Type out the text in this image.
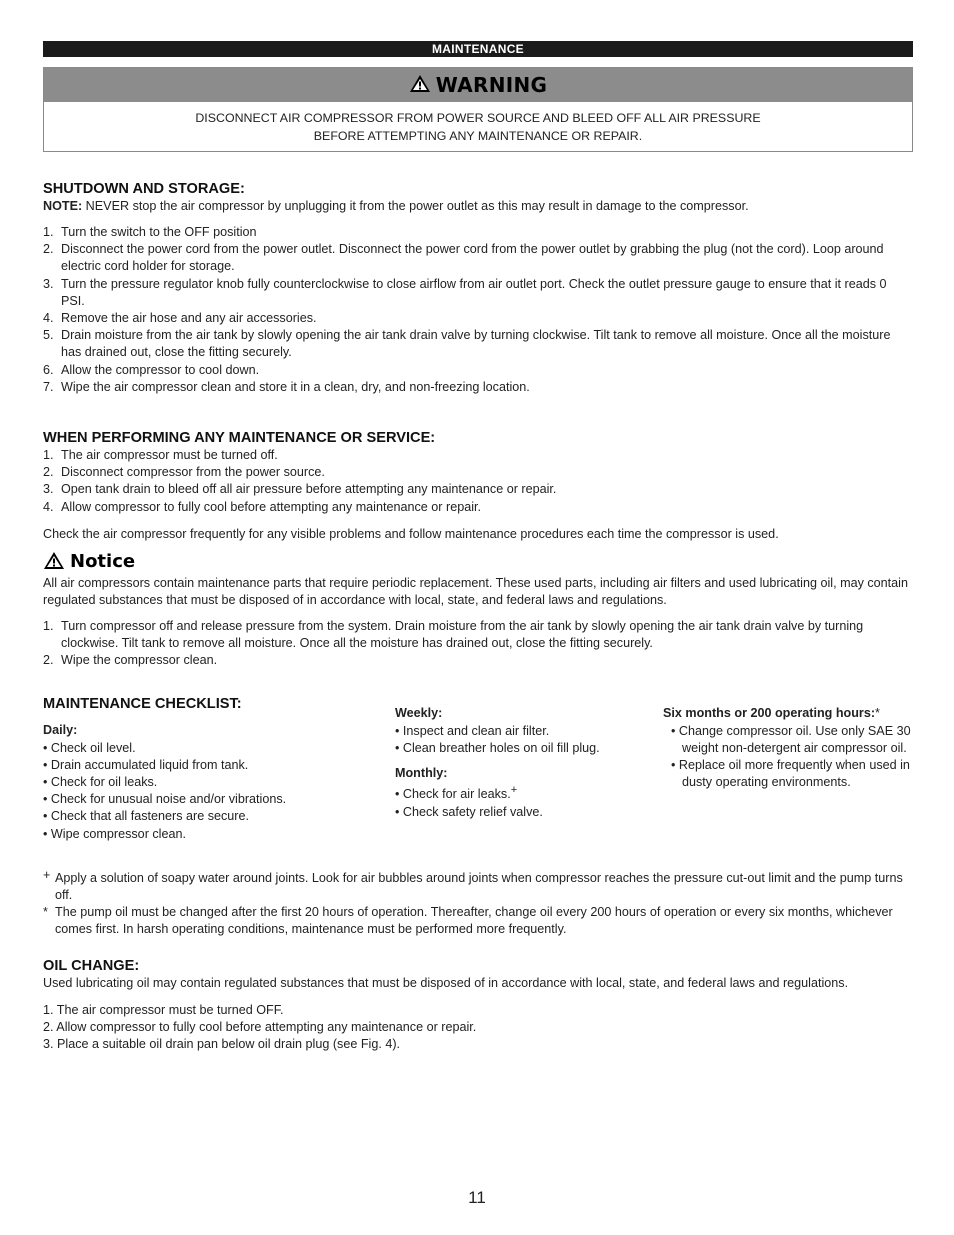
MAINTENANCE
WARNING
DISCONNECT AIR COMPRESSOR FROM POWER SOURCE AND BLEED OFF ALL AIR PRESSURE
BEFORE ATTEMPTING ANY MAINTENANCE OR REPAIR.
SHUTDOWN AND STORAGE:

NOTE: NEVER stop the air compressor by unplugging it from the power outlet as this may result in damage to the compressor.

1. Turn the switch to the OFF position
2. Disconnect the power cord from the power outlet. Disconnect the power cord from the power outlet by grabbing the plug (not the cord). Loop around electric cord holder for storage.
3. Turn the pressure regulator knob fully counterclockwise to close airflow from air outlet port. Check the outlet pressure gauge to ensure that it reads 0 PSI.
4. Remove the air hose and any air accessories.
5. Drain moisture from the air tank by slowly opening the air tank drain valve by turning clockwise. Tilt tank to remove all moisture. Once all the moisture has drained out, close the fitting securely.
6. Allow the compressor to cool down.
7. Wipe the air compressor clean and store it in a clean, dry, and non-freezing location.
WHEN PERFORMING ANY MAINTENANCE OR SERVICE:
1. The air compressor must be turned off.
2. Disconnect compressor from the power source.
3. Open tank drain to bleed off all air pressure before attempting any maintenance or repair.
4. Allow compressor to fully cool before attempting any maintenance or repair.

Check the air compressor frequently for any visible problems and follow maintenance procedures each time the compressor is used.

Notice

All air compressors contain maintenance parts that require periodic replacement. These used parts, including air filters and used lubricating oil, may contain regulated substances that must be disposed of in accordance with local, state, and federal laws and regulations.

1. Turn compressor off and release pressure from the system. Drain moisture from the air tank by slowly opening the air tank drain valve by turning clockwise. Tilt tank to remove all moisture. Once all the moisture has drained out, close the fitting securely.
2. Wipe the compressor clean.
MAINTENANCE CHECKLIST:
Daily:
• Check oil level.
• Drain accumulated liquid from tank.
• Check for oil leaks.
• Check for unusual noise and/or vibrations.
• Check that all fasteners are secure.
• Wipe compressor clean.
Weekly:
• Inspect and clean air filter.
• Clean breather holes on oil fill plug.
Monthly:
• Check for air leaks.+
• Check safety relief valve.
Six months or 200 operating hours:*
• Change compressor oil. Use only SAE 30 weight non-detergent air compressor oil.
• Replace oil more frequently when used in dusty operating environments.
+ Apply a solution of soapy water around joints. Look for air bubbles around joints when compressor reaches the pressure cut-out limit and the pump turns off.
* The pump oil must be changed after the first 20 hours of operation. Thereafter, change oil every 200 hours of operation or every six months, whichever comes first. In harsh operating conditions, maintenance must be performed more frequently.
OIL CHANGE:

Used lubricating oil may contain regulated substances that must be disposed of in accordance with local, state, and federal laws and regulations.

1. The air compressor must be turned OFF.
2. Allow compressor to fully cool before attempting any maintenance or repair.
3. Place a suitable oil drain pan below oil drain plug (see Fig. 4).
11
